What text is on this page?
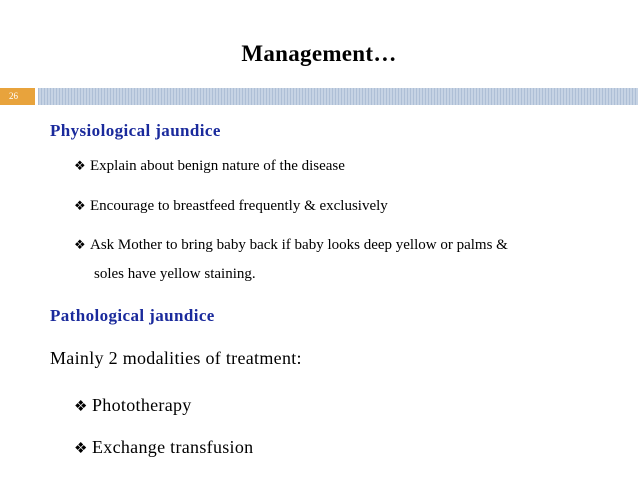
Management…
26
Physiological jaundice
❖ Explain about benign nature of the disease
❖ Encourage to breastfeed frequently & exclusively
❖ Ask Mother to bring baby back if baby looks deep yellow or palms &
soles have yellow staining.
Pathological jaundice
Mainly 2 modalities of treatment:
❖ Phototherapy
❖ Exchange transfusion
